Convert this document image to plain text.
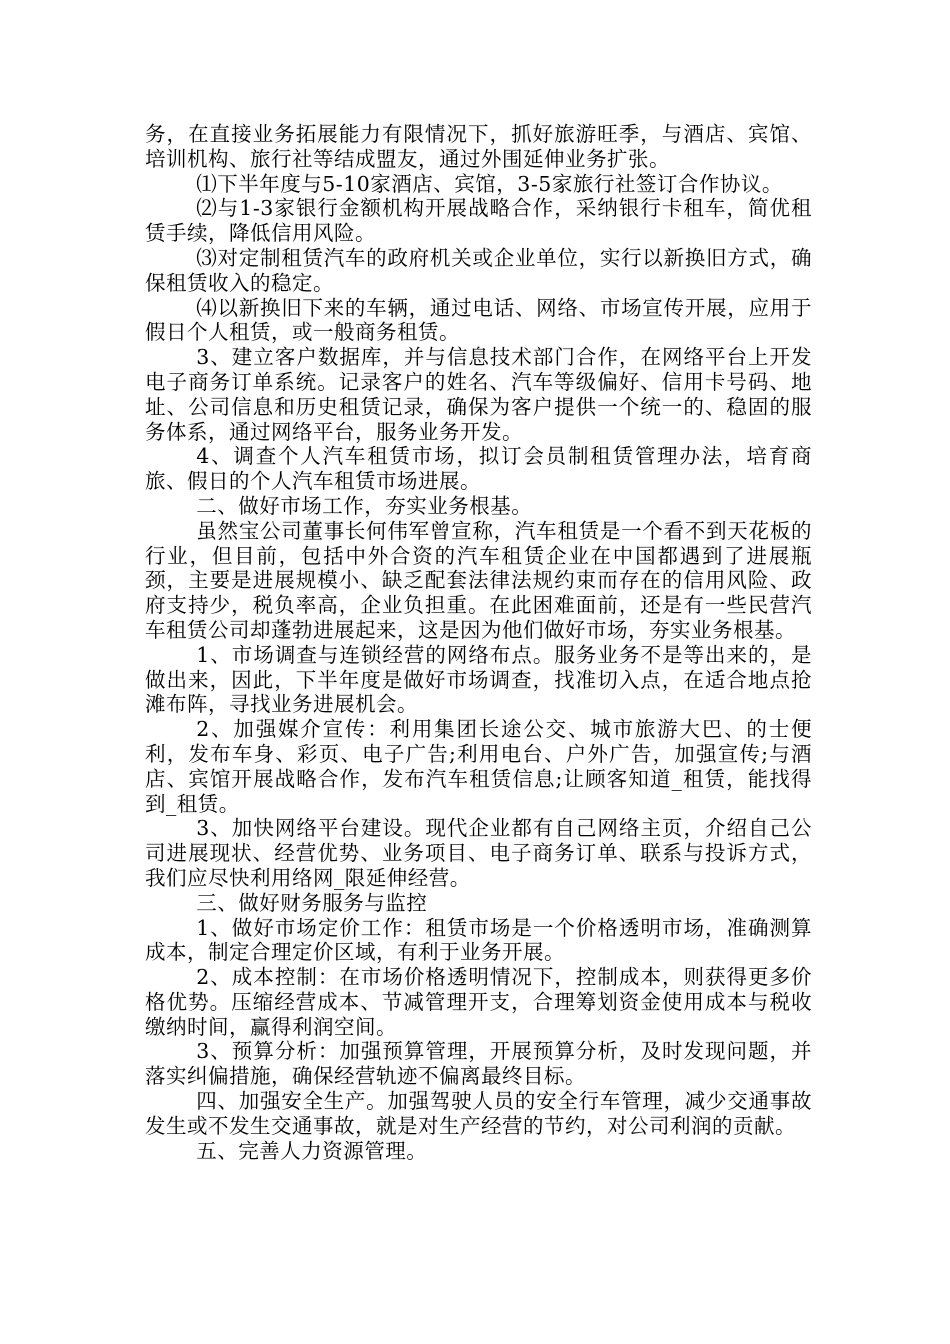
务，在直接业务拓展能力有限情况下，抓好旅游旺季，与酒店、宾馆、培训机构、旅行社等结成盟友，通过外围延伸业务扩张。

⑴下半年度与5-10家酒店、宾馆，3-5家旅行社签订合作协议。

⑵与1-3家银行金额机构开展战略合作，采纳银行卡租车，简优租赁手续，降低信用风险。

⑶对定制租赁汽车的政府机关或企业单位，实行以新换旧方式，确保租赁收入的稳定。

⑷以新换旧下来的车辆，通过电话、网络、市场宣传开展，应用于假日个人租赁，或一般商务租赁。

3、建立客户数据库，并与信息技术部门合作，在网络平台上开发电子商务订单系统。记录客户的姓名、汽车等级偏好、信用卡号码、地址、公司信息和历史租赁记录，确保为客户提供一个统一的、稳固的服务体系，通过网络平台，服务业务开发。

4、调查个人汽车租赁市场，拟订会员制租赁管理办法，培育商旅、假日的个人汽车租赁市场进展。

二、做好市场工作，夯实业务根基。

虽然宝公司董事长何伟军曾宣称，汽车租赁是一个看不到天花板的行业，但目前，包括中外合资的汽车租赁企业在中国都遇到了进展瓶颈，主要是进展规模小、缺乏配套法律法规约束而存在的信用风险、政府支持少，税负率高，企业负担重。在此困难面前，还是有一些民营汽车租赁公司却蓬勃进展起来，这是因为他们做好市场，夯实业务根基。

1、市场调查与连锁经营的网络布点。服务业务不是等出来的，是做出来，因此，下半年度是做好市场调查，找准切入点，在适合地点抢滩布阵，寻找业务进展机会。

2、加强媒介宣传：利用集团长途公交、城市旅游大巴、的士便利，发布车身、彩页、电子广告;利用电台、户外广告，加强宣传;与酒店、宾馆开展战略合作，发布汽车租赁信息;让顾客知道_租赁，能找得到_租赁。

3、加快网络平台建设。现代企业都有自己网络主页，介绍自己公司进展现状、经营优势、业务项目、电子商务订单、联系与投诉方式，我们应尽快利用络网_限延伸经营。

三、做好财务服务与监控

1、做好市场定价工作：租赁市场是一个价格透明市场，准确测算成本，制定合理定价区域，有利于业务开展。

2、成本控制：在市场价格透明情况下，控制成本，则获得更多价格优势。压缩经营成本、节减管理开支，合理筹划资金使用成本与税收缴纳时间，赢得利润空间。

3、预算分析：加强预算管理，开展预算分析，及时发现问题，并落实纠偏措施，确保经营轨迹不偏离最终目标。

四、加强安全生产。加强驾驶人员的安全行车管理，减少交通事故发生或不发生交通事故，就是对生产经营的节约，对公司利润的贡献。

五、完善人力资源管理。
